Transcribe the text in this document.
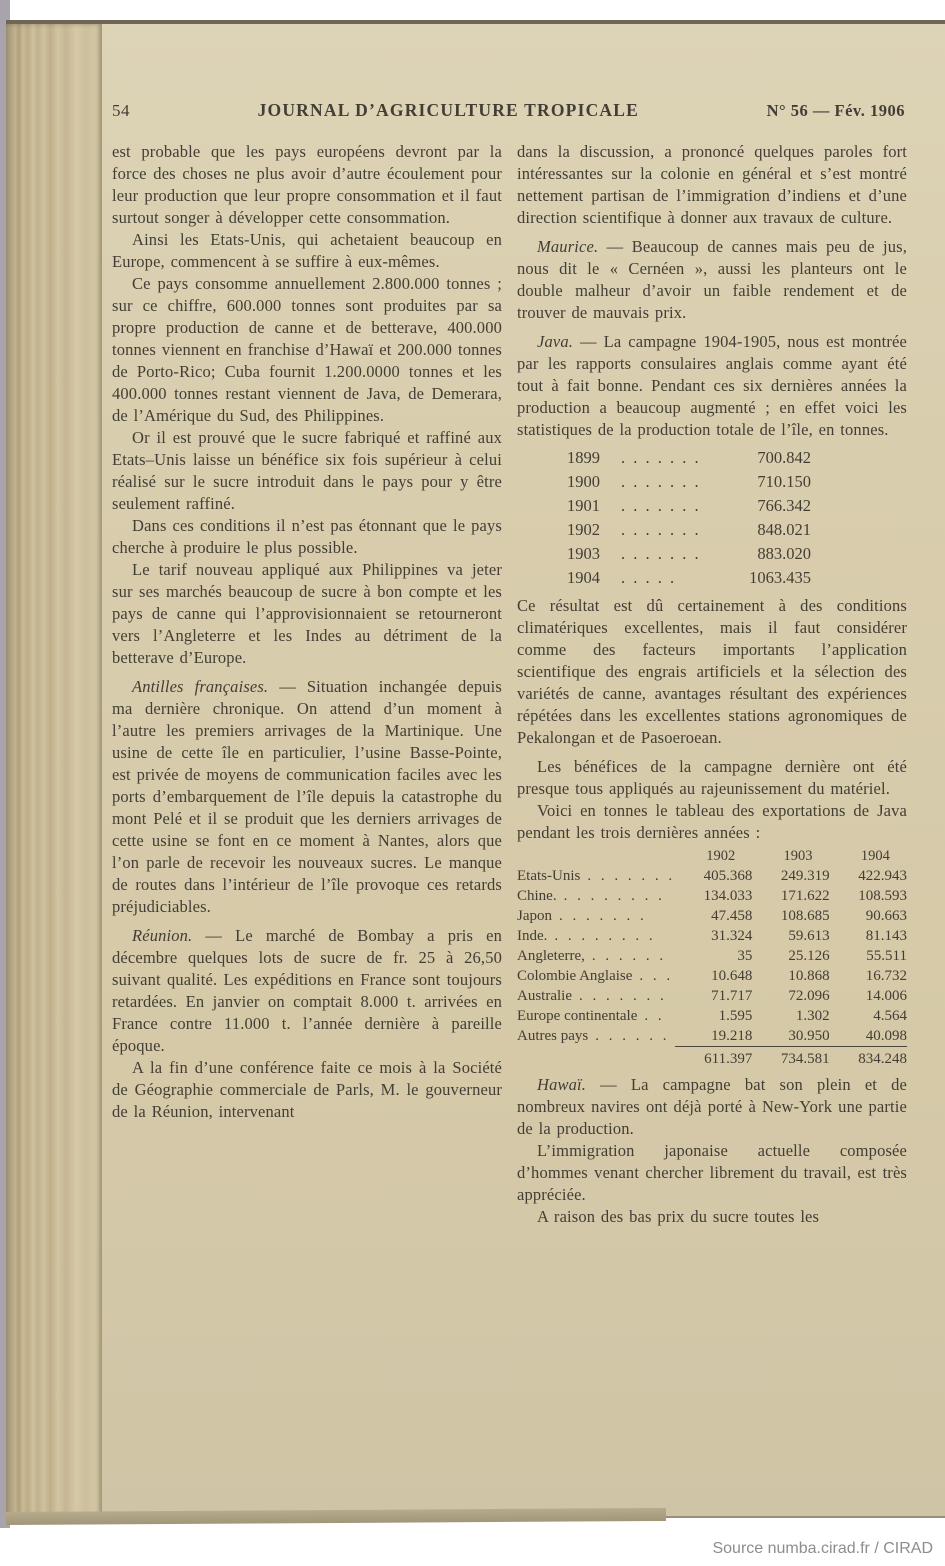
54	JOURNAL D’AGRICULTURE TROPICALE	N° 56 — Fév. 1906

est probable que les pays européens devront par la force des choses ne plus avoir d’autre écoulement pour leur production que leur propre consommation et il faut surtout songer à développer cette consommation.

Ainsi les Etats-Unis, qui achetaient beaucoup en Europe, commencent à se suffire à eux-mêmes.

Ce pays consomme annuellement 2.800.000 tonnes ; sur ce chiffre, 600.000 tonnes sont produites par sa propre production de canne et de betterave, 400.000 tonnes viennent en franchise d’Hawaï et 200.000 tonnes de Porto-Rico; Cuba fournit 1.200.0000 tonnes et les 400.000 tonnes restant viennent de Java, de Demerara, de l’Amérique du Sud, des Philippines.

Or il est prouvé que le sucre fabriqué et raffiné aux Etats–Unis laisse un bénéfice six fois supérieur à celui réalisé sur le sucre introduit dans le pays pour y être seulement raffiné.

Dans ces conditions il n’est pas étonnant que le pays cherche à produire le plus possible.

Le tarif nouveau appliqué aux Philippines va jeter sur ses marchés beaucoup de sucre à bon compte et les pays de canne qui l’approvisionnaient se retourneront vers l’Angleterre et les Indes au détriment de la betterave d’Europe.

Antilles françaises. — Situation inchangée depuis ma dernière chronique. On attend d’un moment à l’autre les premiers arrivages de la Martinique. Une usine de cette île en particulier, l’usine Basse-Pointe, est privée de moyens de communication faciles avec les ports d’embarquement de l’île depuis la catastrophe du mont Pelé et il se produit que les derniers arrivages de cette usine se font en ce moment à Nantes, alors que l’on parle de recevoir les nouveaux sucres. Le manque de routes dans l’intérieur de l’île provoque ces retards préjudiciables.

Réunion. — Le marché de Bombay a pris en décembre quelques lots de sucre de fr. 25 à 26,50 suivant qualité. Les expéditions en France sont toujours retardées. En janvier on comptait 8.000 t. arrivées en France contre 11.000 t. l’année dernière à pareille époque.

A la fin d’une conférence faite ce mois à la Société de Géographie commerciale de Parls, M. le gouverneur de la Réunion, intervenant

dans la discussion, a prononcé quelques paroles fort intéressantes sur la colonie en général et s’est montré nettement partisan de l’immigration d’indiens et d’une direction scientifique à donner aux travaux de culture.

Maurice. — Beaucoup de cannes mais peu de jus, nous dit le « Cernéen », aussi les planteurs ont le double malheur d’avoir un faible rendement et de trouver de mauvais prix.

Java. — La campagne 1904-1905, nous est montrée par les rapports consulaires anglais comme ayant été tout à fait bonne. Pendant ces six dernières années la production a beaucoup augmenté ; en effet voici les statistiques de la production totale de l’île, en tonnes.

1899	. . . . . . .	700.842
1900	. . . . . . .	710.150
1901	. . . . . . .	766.342
1902	. . . . . . .	848.021
1903	. . . . . . .	883.020
1904	. . . . .	1063.435

Ce résultat est dû certainement à des conditions climatériques excellentes, mais il faut considérer comme des facteurs importants l’application scientifique des engrais artificiels et la sélection des variétés de canne, avantages résultant des expériences répétées dans les excellentes stations agronomiques de Pekalongan et de Pasoeroean.

Les bénéfices de la campagne dernière ont été presque tous appliqués au rajeunissement du matériel.

Voici en tonnes le tableau des exportations de Java pendant les trois dernières années :

	1902	1903	1904
Etats-Unis . . . . . . .	405.368	249.319	422.943
Chine. . . . . . . . .	134.033	171.622	108.593
Japon . . . . . . .	47.458	108.685	90.663
Inde. . . . . . . . .	31.324	59.613	81.143
Angleterre, . . . . . .	35	25.126	55.511
Colombie Anglaise . . .	10.648	10.868	16.732
Australie . . . . . . .	71.717	72.096	14.006
Europe continentale . .	1.595	1.302	4.564
Autres pays . . . . . .	19.218	30.950	40.098
	611.397	734.581	834.248

Hawaï. — La campagne bat son plein et de nombreux navires ont déjà porté à New-York une partie de la production.

L’immigration japonaise actuelle composée d’hommes venant chercher librement du travail, est très appréciée.

A raison des bas prix du sucre toutes les

Source numba.cirad.fr / CIRAD
